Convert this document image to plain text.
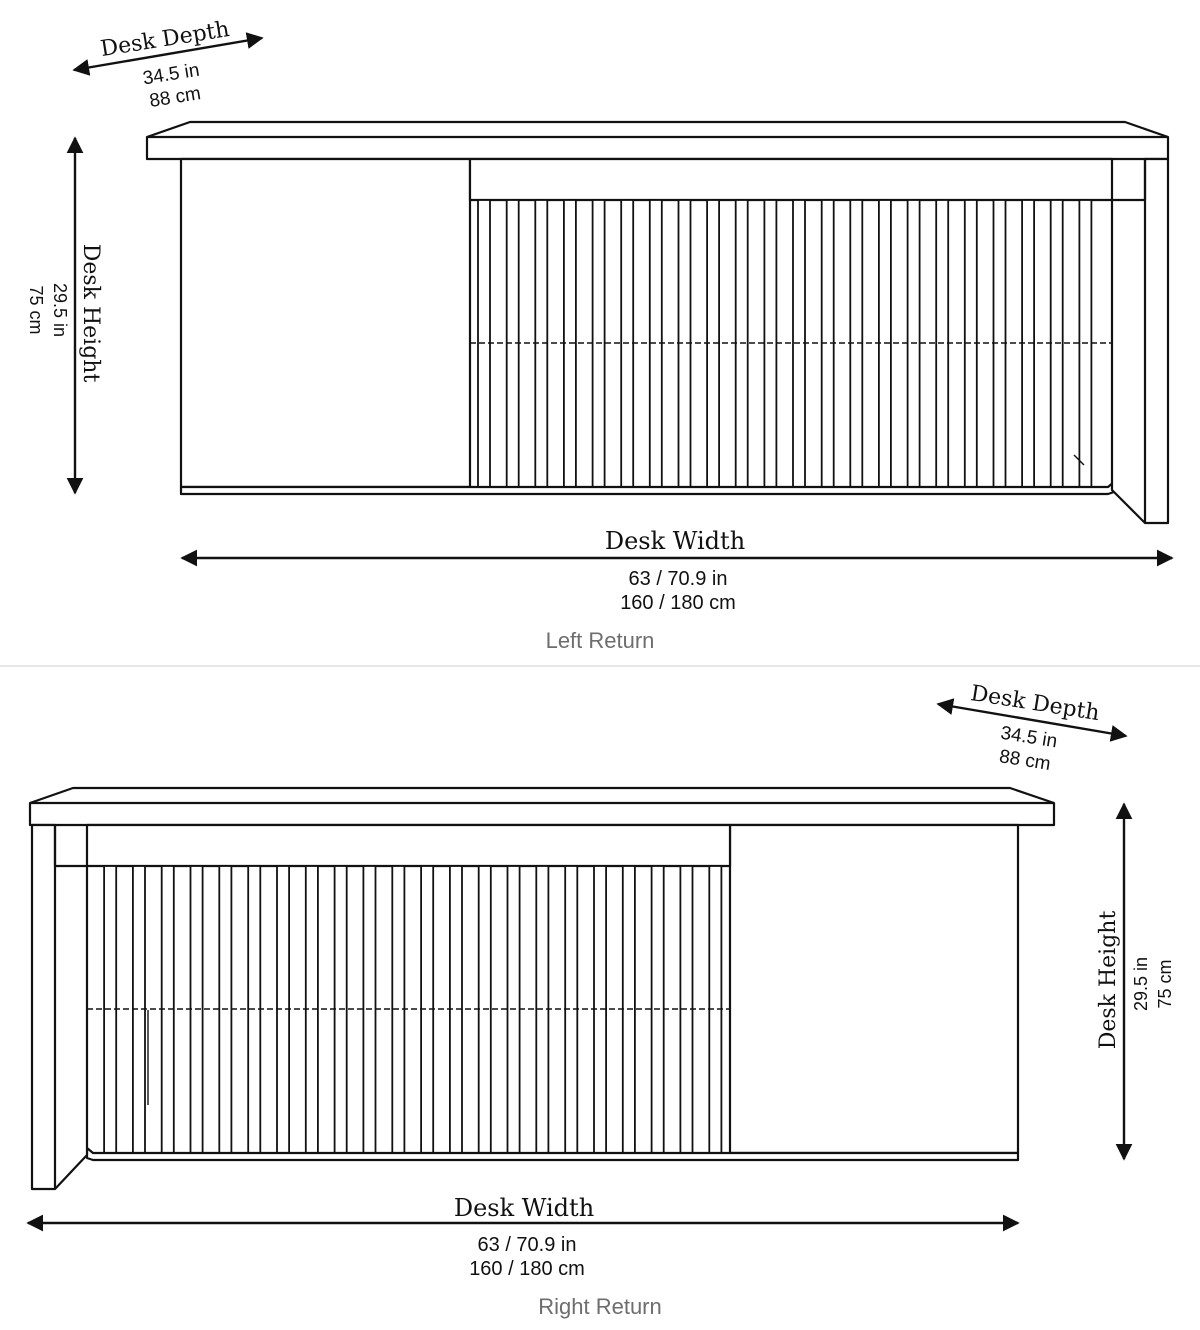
Desk Depth
34.5 in
88 cm
Desk Height
29.5 in
75 cm
Desk Width
63 / 70.9 in
160 / 180 cm
Left Return
Desk Depth
34.5 in
88 cm
Desk Height 29.5 in 75 cm
Desk Width
63 / 70.9 in
160 / 180 cm
Right Return
